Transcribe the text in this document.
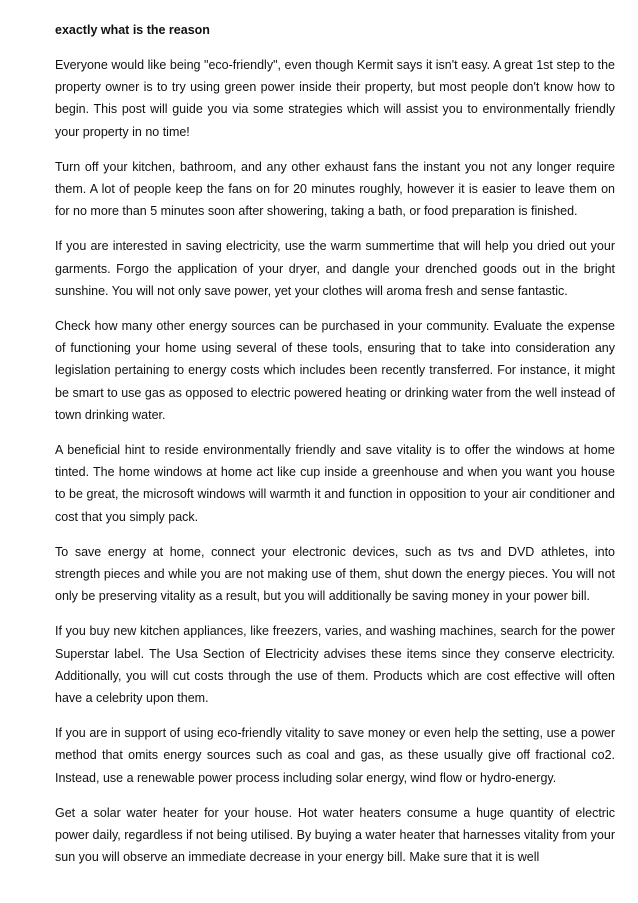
exactly what is the reason

Everyone would like being "eco-friendly", even though Kermit says it isn't easy. A great 1st step to the property owner is to try using green power inside their property, but most people don't know how to begin. This post will guide you via some strategies which will assist you to environmentally friendly your property in no time!

Turn off your kitchen, bathroom, and any other exhaust fans the instant you not any longer require them. A lot of people keep the fans on for 20 minutes roughly, however it is easier to leave them on for no more than 5 minutes soon after showering, taking a bath, or food preparation is finished.

If you are interested in saving electricity, use the warm summertime that will help you dried out your garments. Forgo the application of your dryer, and dangle your drenched goods out in the bright sunshine. You will not only save power, yet your clothes will aroma fresh and sense fantastic.

Check how many other energy sources can be purchased in your community. Evaluate the expense of functioning your home using several of these tools, ensuring that to take into consideration any legislation pertaining to energy costs which includes been recently transferred. For instance, it might be smart to use gas as opposed to electric powered heating or drinking water from the well instead of town drinking water.

A beneficial hint to reside environmentally friendly and save vitality is to offer the windows at home tinted. The home windows at home act like cup inside a greenhouse and when you want you house to be great, the microsoft windows will warmth it and function in opposition to your air conditioner and cost that you simply pack.

To save energy at home, connect your electronic devices, such as tvs and DVD athletes, into strength pieces and while you are not making use of them, shut down the energy pieces. You will not only be preserving vitality as a result, but you will additionally be saving money in your power bill.

If you buy new kitchen appliances, like freezers, varies, and washing machines, search for the power Superstar label. The Usa Section of Electricity advises these items since they conserve electricity. Additionally, you will cut costs through the use of them. Products which are cost effective will often have a celebrity upon them.

If you are in support of using eco-friendly vitality to save money or even help the setting, use a power method that omits energy sources such as coal and gas, as these usually give off fractional co2. Instead, use a renewable power process including solar energy, wind flow or hydro-energy.

Get a solar water heater for your house. Hot water heaters consume a huge quantity of electric power daily, regardless if not being utilised. By buying a water heater that harnesses vitality from your sun you will observe an immediate decrease in your energy bill. Make sure that it is well
